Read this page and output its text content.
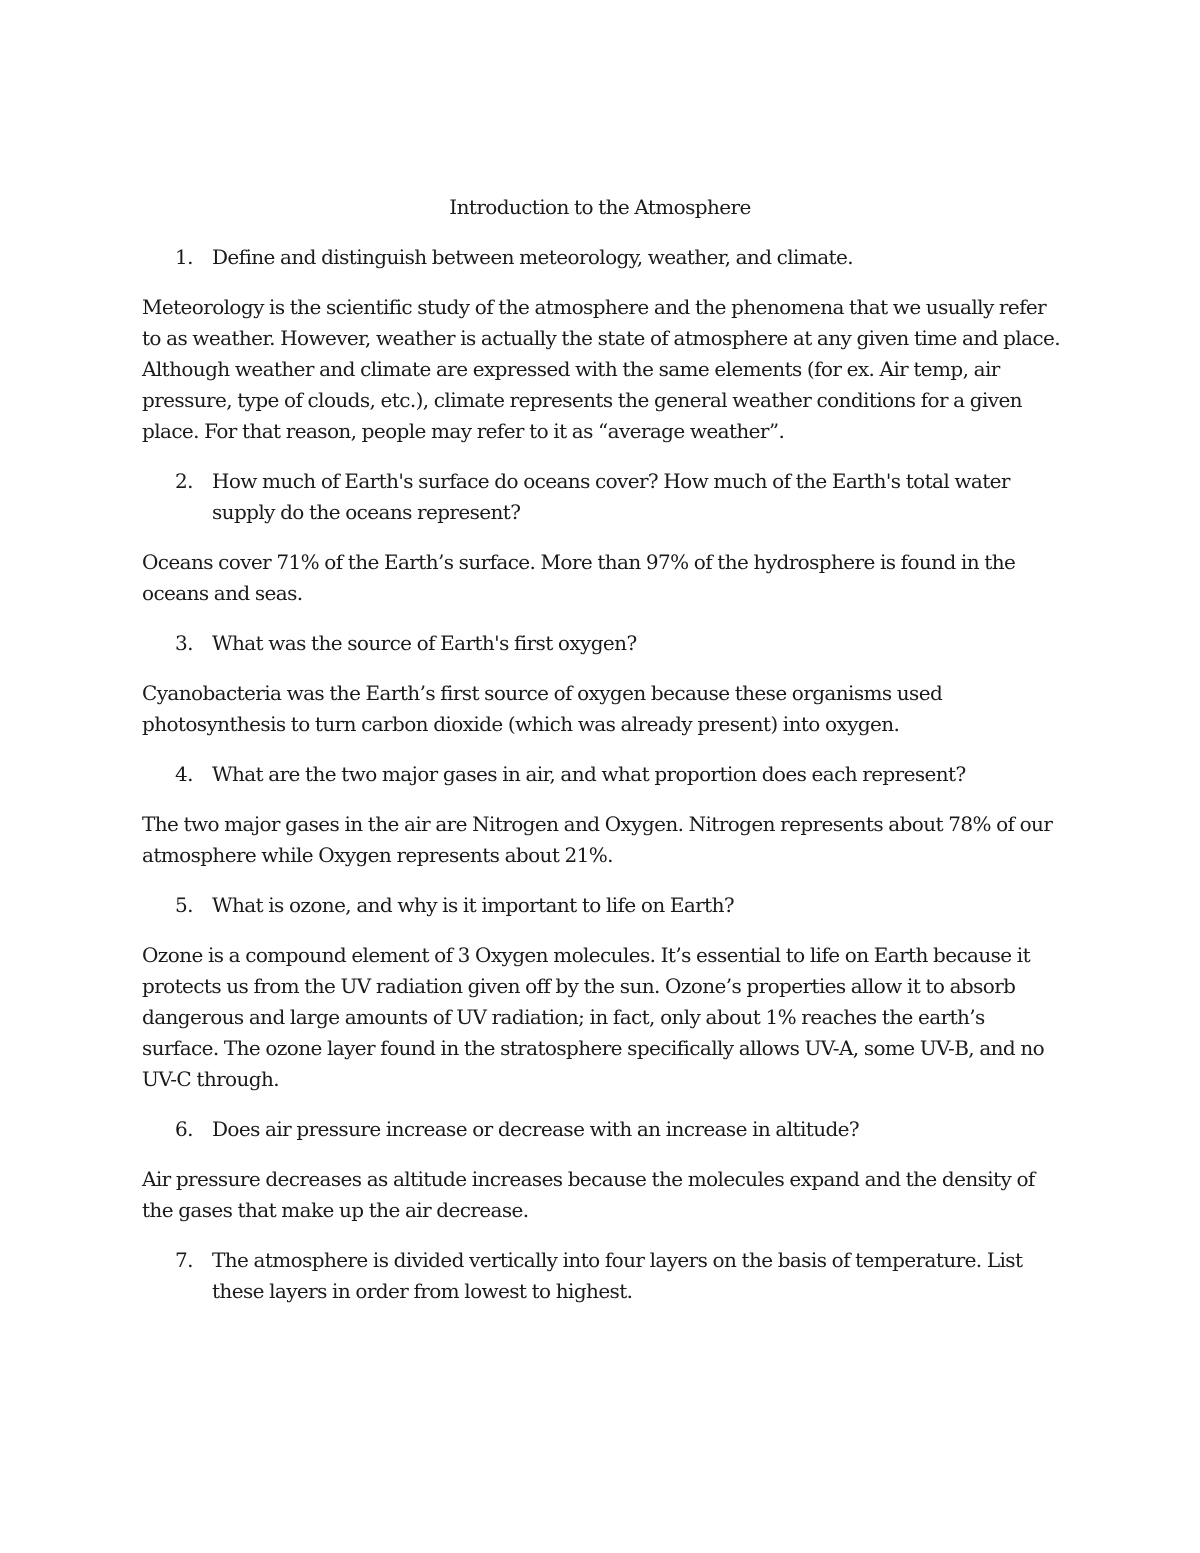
Introduction to the Atmosphere
1. Define and distinguish between meteorology, weather, and climate.

Meteorology is the scientific study of the atmosphere and the phenomena that we usually refer to as weather. However, weather is actually the state of atmosphere at any given time and place. Although weather and climate are expressed with the same elements (for ex. Air temp, air pressure, type of clouds, etc.), climate represents the general weather conditions for a given place. For that reason, people may refer to it as “average weather”.

2. How much of Earth's surface do oceans cover? How much of the Earth's total water supply do the oceans represent?

Oceans cover 71% of the Earth’s surface. More than 97% of the hydrosphere is found in the oceans and seas.

3. What was the source of Earth's first oxygen?

Cyanobacteria was the Earth’s first source of oxygen because these organisms used photosynthesis to turn carbon dioxide (which was already present) into oxygen.

4. What are the two major gases in air, and what proportion does each represent?

The two major gases in the air are Nitrogen and Oxygen. Nitrogen represents about 78% of our atmosphere while Oxygen represents about 21%.

5. What is ozone, and why is it important to life on Earth?

Ozone is a compound element of 3 Oxygen molecules. It’s essential to life on Earth because it protects us from the UV radiation given off by the sun. Ozone’s properties allow it to absorb dangerous and large amounts of UV radiation; in fact, only about 1% reaches the earth’s surface. The ozone layer found in the stratosphere specifically allows UV-A, some UV-B, and no UV-C through.

6. Does air pressure increase or decrease with an increase in altitude?

Air pressure decreases as altitude increases because the molecules expand and the density of the gases that make up the air decrease.

7. The atmosphere is divided vertically into four layers on the basis of temperature. List these layers in order from lowest to highest.
